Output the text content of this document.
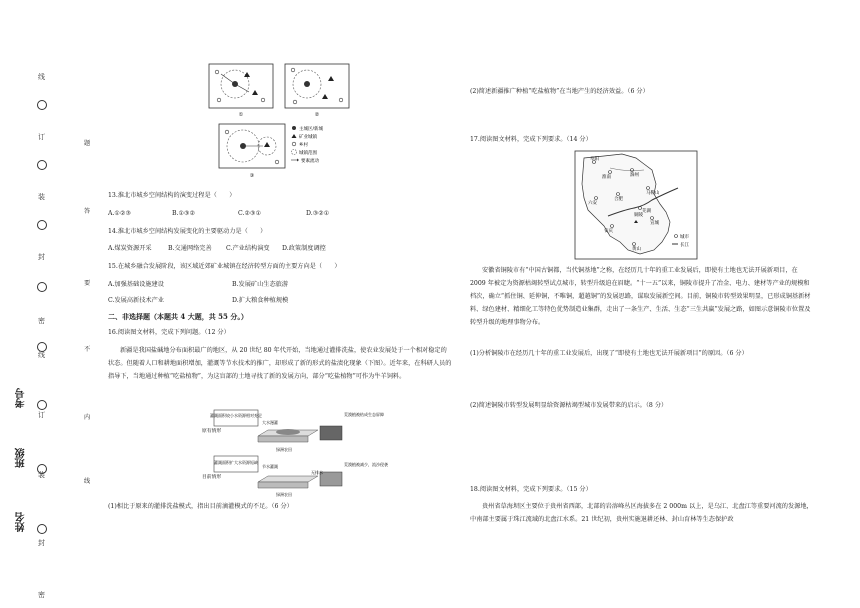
线
订
装
封
密
线
订
装
封
密
考号
班级
姓名
题
答
要
不
内
线
①	②
③
主城区/新城
矿业城镇
乡村
城镇范围
要素流动
13.淮北市城乡空间结构的演变过程是（　　）
A.①②③	B.①③②	C.②③①	D.③②①
14.淮北市城乡空间结构发展变化的主要驱动力是（　　）
A.煤炭资源开采	B.交通网络完善 C.产业结构演变 D.政策制度调控
15.在城乡融合发展阶段，该区域近郊矿业城镇在经济转型方面的主要方向是（　　）
A.加强基础设施建设	B.发展矿山生态旅游
C.发展高新技术产业	D.扩大粮食种植规模
二、非选择题（本题共 4 大题，共 55 分。）
16.阅读图文材料，完成下列问题。（12 分）
新疆是我国盐碱地分布面积最广的地区，从 20 世纪 80 年代开始，当地通过灌排洗盐，使农业发展处于一个相对稳定的状态。但随着人口和耕地面积增加，灌溉等节水技术的推广，却形成了新的形式的盐渍化现象（下图）。近年来，在科研人员的指导下，当地通过种植“吃盐植物”，为这盲部的土地寻找了新的发展方向，部分“吃盐植物”可作为牛羊饲料。
原有情形
目前情形
灌溉面积较小水资源相对充足
灌溉面积扩大水资源短缺
大水漫灌
节水灌溉
荒漠植被枯成生态屏障
绿洲农田
无排水
荒漠植被减少，流沙侵袭
绿洲农田
(1)相比于原来的灌排洗盐模式，指出目前滴灌模式的不足。（6 分）
(2)简述新疆推广种植“吃盐植物”在当地产生的经济效益。（6 分）
17.阅读图文材料，完成下列要求。（14 分）
阜阳
淮南	滁州
合肥
马鞍山
六安
芜湖
铜陵
宣城
安庆
黄山
城市
长江
安徽省铜陵市有“中国古铜都，当代铜基地”之称，在经历几十年的重工业发展后，即使有土地也无法开展新项目，在 2009 年被定为资源枯竭转型试点城市，转型升级迫在眉睫。“十一五”以来，铜陵市提升了冶金、电力、建材等产业的规模和档次，确立“抓住铜、延伸铜，不唯铜，超越铜”的发展思路，谋取发展新空间。目前，铜陵市转型效果明显，已形成铜基新材料、绿色建材、精细化工等特色优势制造业集群，走出了一条生产、生活、生态“三生共赢”发展之路，如图示意铜陵市位置及转型升级的地理事物分布。
(1)分析铜陵市在经历几十年的重工业发展后，出现了“即使有土地也无法开展新项目”的原因。（6 分）
(2)简述铜陵市转型发展明显给资源枯竭型城市发展带来的启示。（8 分）
18.阅读图文材料，完成下列要求。（15 分）
贵州省草海坝区主要位于贵州省西部，北部的岩溶峰丛区海拔多在 2 000m 以上，是乌江、北盘江等重要河流的发源地，中南部主要属于珠江流域的北盘江水系。21 世纪初，贵州实施退耕还林、封山育林等生态保护政
